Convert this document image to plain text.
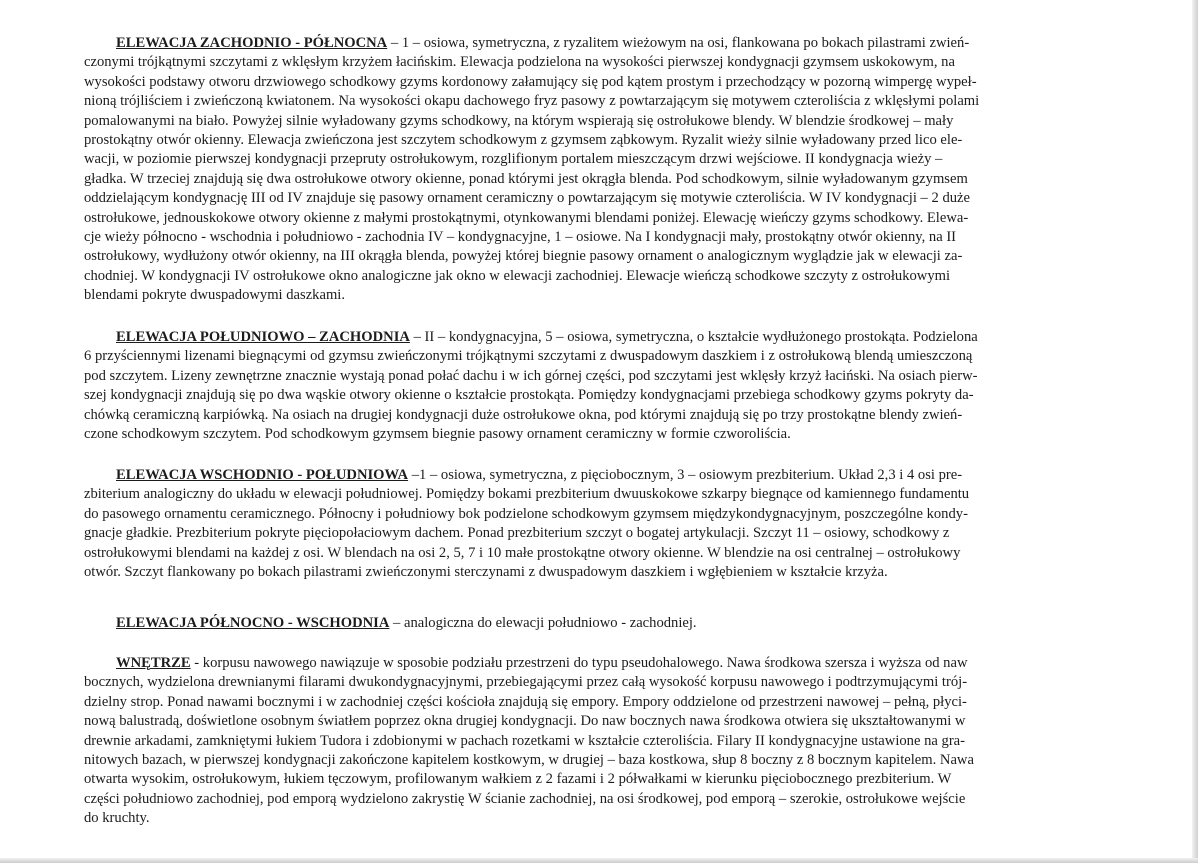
ELEWACJA ZACHODNIO - PÓŁNOCNA – 1 – osiowa, symetryczna, z ryzalitem wieżowym na osi, flankowana po bokach pilastrami zwień-
czonymi trójkątnymi szczytami z wklęsłym krzyżem łacińskim. Elewacja podzielona na wysokości pierwszej kondygnacji gzymsem uskokowym, na
wysokości podstawy otworu drzwiowego schodkowy gzyms kordonowy załamujący się pod kątem prostym i przechodzący w pozorną wimpergę wypeł-
nioną trójliściem i zwieńczoną kwiatonem. Na wysokości okapu dachowego fryz pasowy z powtarzającym się motywem czteroliścia z wklęsłymi polami
pomalowanymi na biało. Powyżej silnie wyładowany gzyms schodkowy, na którym wspierają się ostrołukowe blendy. W blendzie środkowej – mały
prostokątny otwór okienny. Elewacja zwieńczona jest szczytem schodkowym z gzymsem ząbkowym. Ryzalit wieży silnie wyładowany przed lico ele-
wacji, w poziomie pierwszej kondygnacji przepruty ostrołukowym, rozglifionym portalem mieszczącym drzwi wejściowe. II kondygnacja wieży –
gładka. W trzeciej znajdują się dwa ostrołukowe otwory okienne, ponad którymi jest okrągła blenda. Pod schodkowym, silnie wyładowanym gzymsem
oddzielającym kondygnację III od IV znajduje się pasowy ornament ceramiczny o powtarzającym się motywie czteroliścia. W IV kondygnacji – 2 duże
ostrołukowe, jednouskokowe otwory okienne z małymi prostokątnymi, otynkowanymi blendami poniżej. Elewację wieńczy gzyms schodkowy. Elewa-
cje wieży północno - wschodnia i południowo - zachodnia IV – kondygnacyjne, 1 – osiowe. Na I kondygnacji mały, prostokątny otwór okienny, na II
ostrołukowy, wydłużony otwór okienny, na III okrągła blenda, powyżej której biegnie pasowy ornament o analogicznym wyglądzie jak w elewacji za-
chodniej. W kondygnacji IV ostrołukowe okno analogiczne jak okno w elewacji zachodniej. Elewacje wieńczą schodkowe szczyty z ostrołukowymi
blendami pokryte dwuspadowymi daszkami.
ELEWACJA POŁUDNIOWO – ZACHODNIA – II – kondygnacyjna, 5 – osiowa, symetryczna, o kształcie wydłużonego prostokąta. Podzielona
6 przyściennymi lizenami biegnącymi od gzymsu zwieńczonymi trójkątnymi szczytami z dwuspadowym daszkiem i z ostrołukową blendą umieszczoną
pod szczytem. Lizeny zewnętrzne znacznie wystają ponad połać dachu i w ich górnej części, pod szczytami jest wklęsły krzyż łaciński. Na osiach pierw-
szej kondygnacji znajdują się po dwa wąskie otwory okienne o kształcie prostokąta. Pomiędzy kondygnacjami przebiega schodkowy gzyms pokryty da-
chówką ceramiczną karpiówką. Na osiach na drugiej kondygnacji duże ostrołukowe okna, pod którymi znajdują się po trzy prostokątne blendy zwień-
czone schodkowym szczytem. Pod schodkowym gzymsem biegnie pasowy ornament ceramiczny w formie czworoliścia.
ELEWACJA WSCHODNIO - POŁUDNIOWA –1 – osiowa, symetryczna, z pięciobocznym, 3 – osiowym prezbiterium. Układ 2,3 i 4 osi pre-
zbiterium analogiczny do układu w elewacji południowej. Pomiędzy bokami prezbiterium dwuuskokowe szkarpy biegnące od kamiennego fundamentu
do pasowego ornamentu ceramicznego. Północny i południowy bok podzielone schodkowym gzymsem międzykondygnacyjnym, poszczególne kondy-
gnacje gładkie. Prezbiterium pokryte pięciopołaciowym dachem. Ponad prezbiterium szczyt o bogatej artykulacji. Szczyt 11 – osiowy, schodkowy z
ostrołukowymi blendami na każdej z osi. W blendach na osi 2, 5, 7 i 10 małe prostokątne otwory okienne. W blendzie na osi centralnej – ostrołukowy
otwór. Szczyt flankowany po bokach pilastrami zwieńczonymi sterczynami z dwuspadowym daszkiem i wgłębieniem w kształcie krzyża.
ELEWACJA PÓŁNOCNO - WSCHODNIA – analogiczna do elewacji południowo - zachodniej.
WNĘTRZE - korpusu nawowego nawiązuje w sposobie podziału przestrzeni do typu pseudohalowego. Nawa środkowa szersza i wyższa od naw
bocznych, wydzielona drewnianymi filarami dwukondygnacyjnymi, przebiegającymi przez całą wysokość korpusu nawowego i podtrzymującymi trój-
dzielny strop. Ponad nawami bocznymi i w zachodniej części kościoła znajdują się empory. Empory oddzielone od przestrzeni nawowej – pełną, płyci-
nową balustradą, doświetlone osobnym światłem poprzez okna drugiej kondygnacji. Do naw bocznych nawa środkowa otwiera się ukształtowanymi w
drewnie arkadami, zamkniętymi łukiem Tudora i zdobionymi w pachach rozetkami w kształcie czteroliścia. Filary II kondygnacyjne ustawione na gra-
nitowych bazach, w pierwszej kondygnacji zakończone kapitelem kostkowym, w drugiej – baza kostkowa, słup 8 boczny z 8 bocznym kapitelem. Nawa
otwarta wysokim, ostrołukowym, łukiem tęczowym, profilowanym wałkiem z 2 fazami i 2 półwałkami w kierunku pięciobocznego prezbiterium. W
części południowo zachodniej, pod emporą wydzielono zakrystię W ścianie zachodniej, na osi środkowej, pod emporą – szerokie, ostrołukowe wejście
do kruchty.
